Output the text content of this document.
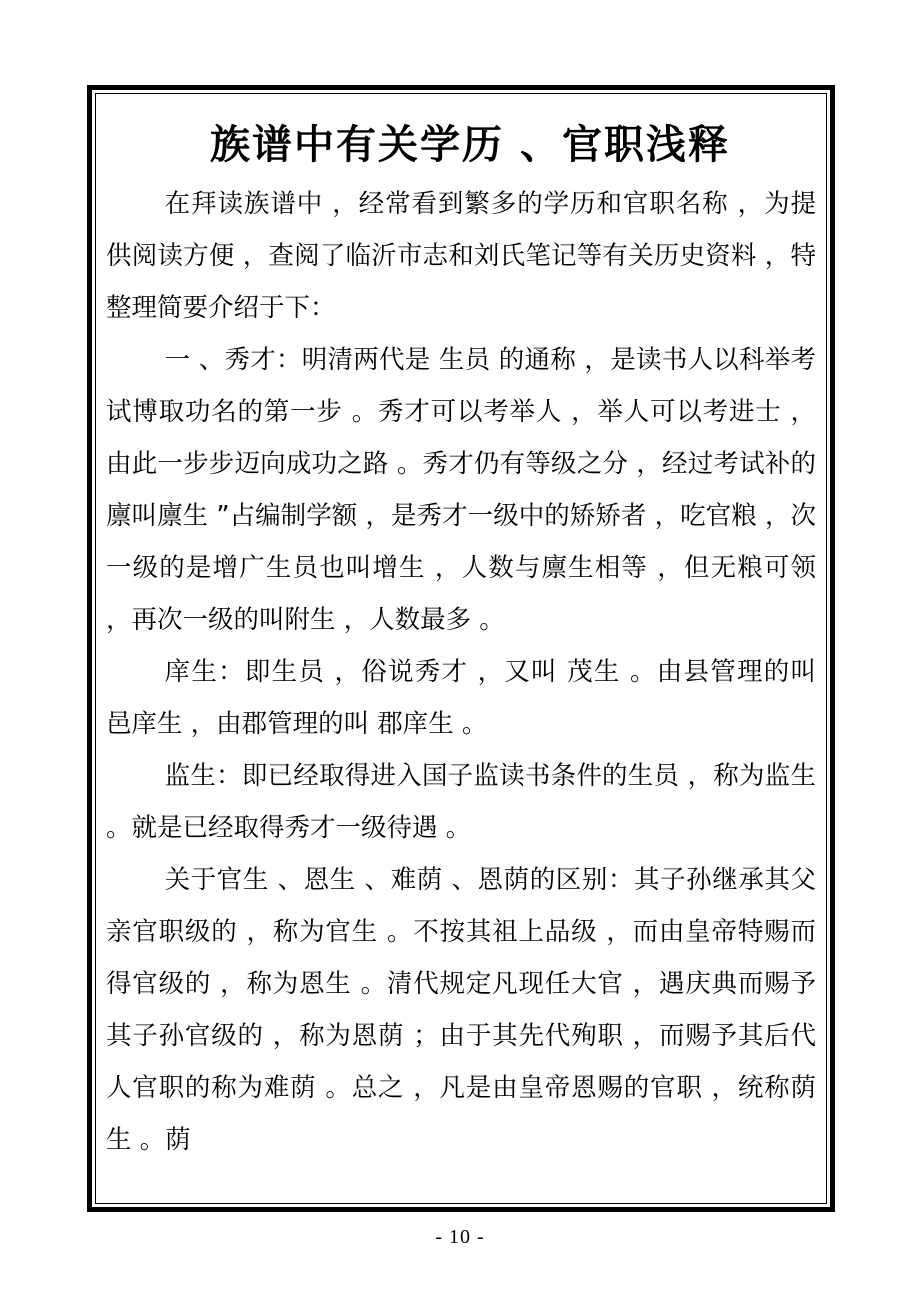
族谱中有关学历 、官职浅释

在拜读族谱中 ，经常看到繁多的学历和官职名称 ，为提供阅读方便 ，查阅了临沂市志和刘氏笔记等有关历史资料 ，特整理简要介绍于下：

一 、秀才：明清两代是 生员 的通称 ，是读书人以科举考试博取功名的第一步 。秀才可以考举人 ，举人可以考进士 ，由此一步步迈向成功之路 。秀才仍有等级之分 ，经过考试补的廪叫廪生 ”占编制学额 ，是秀才一级中的矫矫者 ，吃官粮 ，次一级的是增广生员也叫增生 ，人数与廪生相等 ，但无粮可领 ，再次一级的叫附生 ，人数最多 。

庠生：即生员 ，俗说秀才 ，又叫 茂生 。由县管理的叫 邑庠生 ，由郡管理的叫 郡庠生 。

监生：即已经取得进入国子监读书条件的生员 ，称为监生 。就是已经取得秀才一级待遇 。

关于官生 、恩生 、难荫 、恩荫的区别：其子孙继承其父亲官职级的 ，称为官生 。不按其祖上品级 ，而由皇帝特赐而得官级的 ，称为恩生 。清代规定凡现任大官 ，遇庆典而赐予其子孙官级的 ，称为恩荫 ；由于其先代殉职 ，而赐予其后代人官职的称为难荫 。总之 ，凡是由皇帝恩赐的官职 ，统称荫生 。荫

- 10 -
